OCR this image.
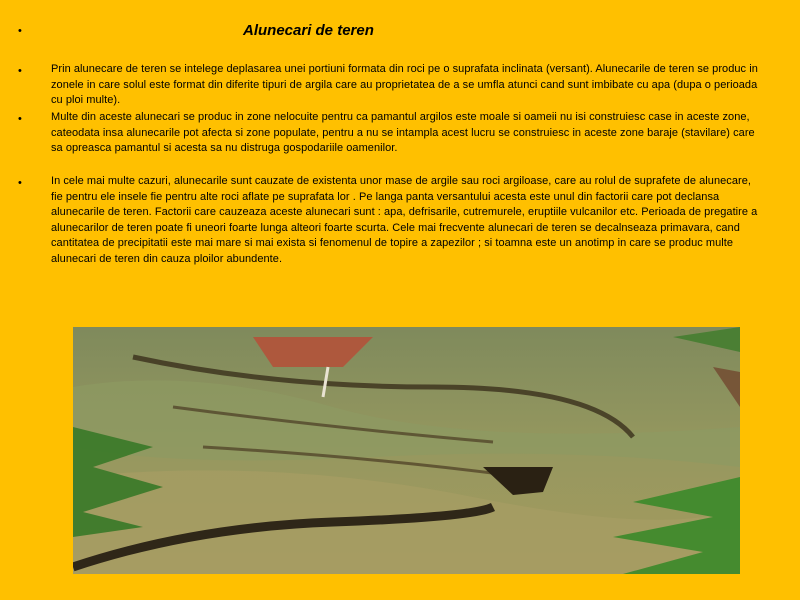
•	Alunecari de teren
•	Prin alunecare de teren se intelege deplasarea unei portiuni formata din roci pe o suprafata inclinata (versant). Alunecarile de teren se produc in zonele in care solul este format din diferite tipuri de argila care au proprietatea de a se umfla atunci cand sunt imbibate cu apa (dupa o perioada cu ploi multe).
•	Multe din aceste alunecari se produc in zone nelocuite pentru ca pamantul argilos este moale si oameii nu isi construiesc case in aceste zone, cateodata insa alunecarile pot afecta si zone populate, pentru a nu se intampla acest lucru se construiesc in aceste zone baraje (stavilare) care sa opreasca pamantul si acesta sa nu distruga gospodariile oamenilor.
•	In cele mai multe cazuri, alunecarile sunt cauzate de existenta unor mase de argile sau roci argiloase, care au rolul de suprafete de alunecare, fie pentru ele insele fie pentru alte roci aflate pe suprafata lor . Pe langa panta versantului acesta este unul din factorii care pot declansa alunecarile de teren. Factorii care cauzeaza aceste alunecari sunt : apa, defrisarile, cutremurele, eruptiile vulcanilor etc. Perioada de pregatire a alunecarilor de teren poate fi uneori foarte lunga alteori foarte scurta. Cele mai frecvente alunecari de teren se decalnseaza primavara, cand cantitatea de precipitatii este mai mare si mai exista si fenomenul de topire a zapezilor ; si toamna este un anotimp in care se produc multe alunecari de teren din cauza ploilor abundente.
